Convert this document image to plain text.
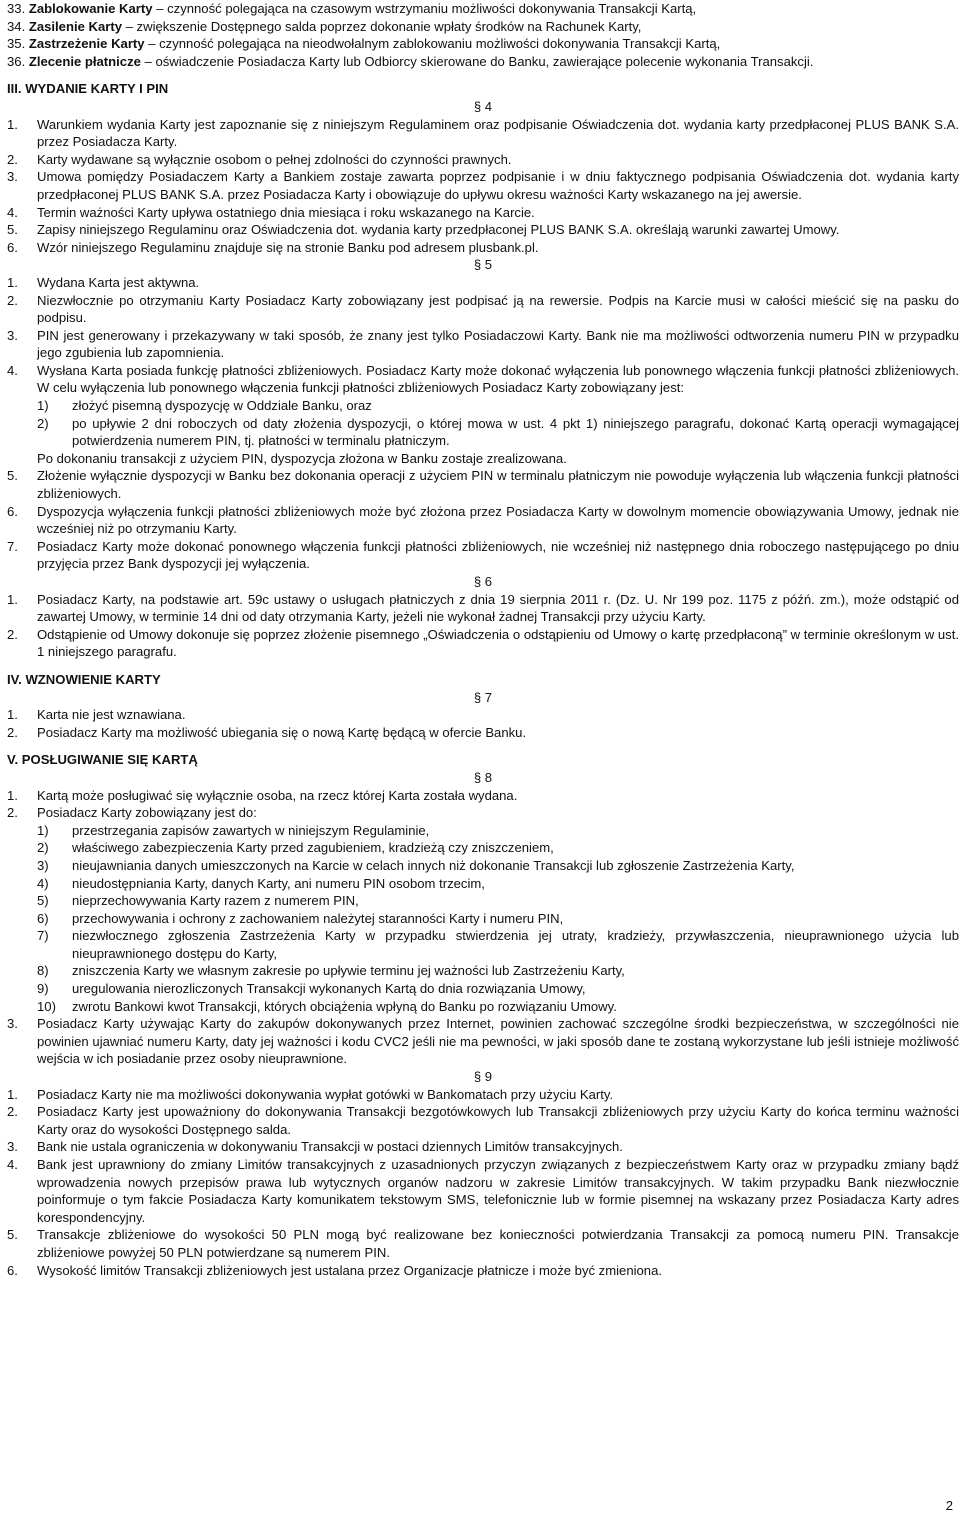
33. Zablokowanie Karty – czynność polegająca na czasowym wstrzymaniu możliwości dokonywania Transakcji Kartą,
34. Zasilenie Karty – zwiększenie Dostępnego salda poprzez dokonanie wpłaty środków na Rachunek Karty,
35. Zastrzeżenie Karty – czynność polegająca na nieodwołalnym zablokowaniu możliwości dokonywania Transakcji Kartą,
36. Zlecenie płatnicze – oświadczenie Posiadacza Karty lub Odbiorcy skierowane do Banku, zawierające polecenie wykonania Transakcji.
III. WYDANIE KARTY I PIN
§ 4
1. Warunkiem wydania Karty jest zapoznanie się z niniejszym Regulaminem oraz podpisanie Oświadczenia dot. wydania karty przedpłaconej PLUS BANK S.A. przez Posiadacza Karty.
2. Karty wydawane są wyłącznie osobom o pełnej zdolności do czynności prawnych.
3. Umowa pomiędzy Posiadaczem Karty a Bankiem zostaje zawarta poprzez podpisanie i w dniu faktycznego podpisania Oświadczenia dot. wydania karty przedpłaconej PLUS BANK S.A. przez Posiadacza Karty i obowiązuje do upływu okresu ważności Karty wskazanego na jej awersie.
4. Termin ważności Karty upływa ostatniego dnia miesiąca i roku wskazanego na Karcie.
5. Zapisy niniejszego Regulaminu oraz Oświadczenia dot. wydania karty przedpłaconej PLUS BANK S.A. określają warunki zawartej Umowy.
6. Wzór niniejszego Regulaminu znajduje się na stronie Banku pod adresem plusbank.pl.
§ 5
1. Wydana Karta jest aktywna.
2. Niezwłocznie po otrzymaniu Karty Posiadacz Karty zobowiązany jest podpisać ją na rewersie. Podpis na Karcie musi w całości mieścić się na pasku do podpisu.
3. PIN jest generowany i przekazywany w taki sposób, że znany jest tylko Posiadaczowi Karty. Bank nie ma możliwości odtworzenia numeru PIN w przypadku jego zgubienia lub zapomnienia.
4. Wysłana Karta posiada funkcję płatności zbliżeniowych. Posiadacz Karty może dokonać wyłączenia lub ponownego włączenia funkcji płatności zbliżeniowych. W celu wyłączenia lub ponownego włączenia funkcji płatności zbliżeniowych Posiadacz Karty zobowiązany jest:
1) złożyć pisemną dyspozycję w Oddziale Banku, oraz
2) po upływie 2 dni roboczych od daty złożenia dyspozycji, o której mowa w ust. 4 pkt 1) niniejszego paragrafu, dokonać Kartą operacji wymagającej potwierdzenia numerem PIN, tj. płatności w terminalu płatniczym.
Po dokonaniu transakcji z użyciem PIN, dyspozycja złożona w Banku zostaje zrealizowana.
5. Złożenie wyłącznie dyspozycji w Banku bez dokonania operacji z użyciem PIN w terminalu płatniczym nie powoduje wyłączenia lub włączenia funkcji płatności zbliżeniowych.
6. Dyspozycja wyłączenia funkcji płatności zbliżeniowych może być złożona przez Posiadacza Karty w dowolnym momencie obowiązywania Umowy, jednak nie wcześniej niż po otrzymaniu Karty.
7. Posiadacz Karty może dokonać ponownego włączenia funkcji płatności zbliżeniowych, nie wcześniej niż następnego dnia roboczego następującego po dniu przyjęcia przez Bank dyspozycji jej wyłączenia.
§ 6
1. Posiadacz Karty, na podstawie art. 59c ustawy o usługach płatniczych z dnia 19 sierpnia 2011 r. (Dz. U. Nr 199 poz. 1175 z późń. zm.), może odstąpić od zawartej Umowy, w terminie 14 dni od daty otrzymania Karty, jeżeli nie wykonał żadnej Transakcji przy użyciu Karty.
2. Odstąpienie od Umowy dokonuje się poprzez złożenie pisemnego „Oświadczenia o odstąpieniu od Umowy o kartę przedpłaconą” w terminie określonym w ust. 1 niniejszego paragrafu.
IV. WZNOWIENIE KARTY
§ 7
1. Karta nie jest wznawiana.
2. Posiadacz Karty ma możliwość ubiegania się o nową Kartę będącą w ofercie Banku.
V. POSŁUGIWANIE SIĘ KARTĄ
§ 8
1. Kartą może posługiwać się wyłącznie osoba, na rzecz której Karta została wydana.
2. Posiadacz Karty zobowiązany jest do:
1) przestrzegania zapisów zawartych w niniejszym Regulaminie,
2) właściwego zabezpieczenia Karty przed zagubieniem, kradzieżą czy zniszczeniem,
3) nieujawniania danych umieszczonych na Karcie w celach innych niż dokonanie Transakcji lub zgłoszenie Zastrzeżenia Karty,
4) nieudostępniania Karty, danych Karty, ani numeru PIN osobom trzecim,
5) nieprzechowywania Karty razem z numerem PIN,
6) przechowywania i ochrony z zachowaniem należytej staranności Karty i numeru PIN,
7) niezwłocznego zgłoszenia Zastrzeżenia Karty w przypadku stwierdzenia jej utraty, kradzieży, przywłaszczenia, nieuprawnionego użycia lub nieuprawnionego dostępu do Karty,
8) zniszczenia Karty we własnym zakresie po upływie terminu jej ważności lub Zastrzeżeniu Karty,
9) uregulowania nierozliczonych Transakcji wykonanych Kartą do dnia rozwiązania Umowy,
10) zwrotu Bankowi kwot Transakcji, których obciążenia wpłyną do Banku po rozwiązaniu Umowy.
3. Posiadacz Karty używając Karty do zakupów dokonywanych przez Internet, powinien zachować szczególne środki bezpieczeństwa, w szczególności nie powinien ujawniać numeru Karty, daty jej ważności i kodu CVC2 jeśli nie ma pewności, w jaki sposób dane te zostaną wykorzystane lub jeśli istnieje możliwość wejścia w ich posiadanie przez osoby nieuprawnione.
§ 9
1. Posiadacz Karty nie ma możliwości dokonywania wypłat gotówki w Bankomatach przy użyciu Karty.
2. Posiadacz Karty jest upoważniony do dokonywania Transakcji bezgotówkowych lub Transakcji zbliżeniowych przy użyciu Karty do końca terminu ważności Karty oraz do wysokości Dostępnego salda.
3. Bank nie ustala ograniczenia w dokonywaniu Transakcji w postaci dziennych Limitów transakcyjnych.
4. Bank jest uprawniony do zmiany Limitów transakcyjnych z uzasadnionych przyczyn związanych z bezpieczeństwem Karty oraz w przypadku zmiany bądź wprowadzenia nowych przepisów prawa lub wytycznych organów nadzoru w zakresie Limitów transakcyjnych. W takim przypadku Bank niezwłocznie poinformuje o tym fakcie Posiadacza Karty komunikatem tekstowym SMS, telefonicznie lub w formie pisemnej na wskazany przez Posiadacza Karty adres korespondencyjny.
5. Transakcje zbliżeniowe do wysokości 50 PLN mogą być realizowane bez konieczności potwierdzania Transakcji za pomocą numeru PIN. Transakcje zbliżeniowe powyżej 50 PLN potwierdzane są numerem PIN.
6. Wysokość limitów Transakcji zbliżeniowych jest ustalana przez Organizacje płatnicze i może być zmieniona.
2
